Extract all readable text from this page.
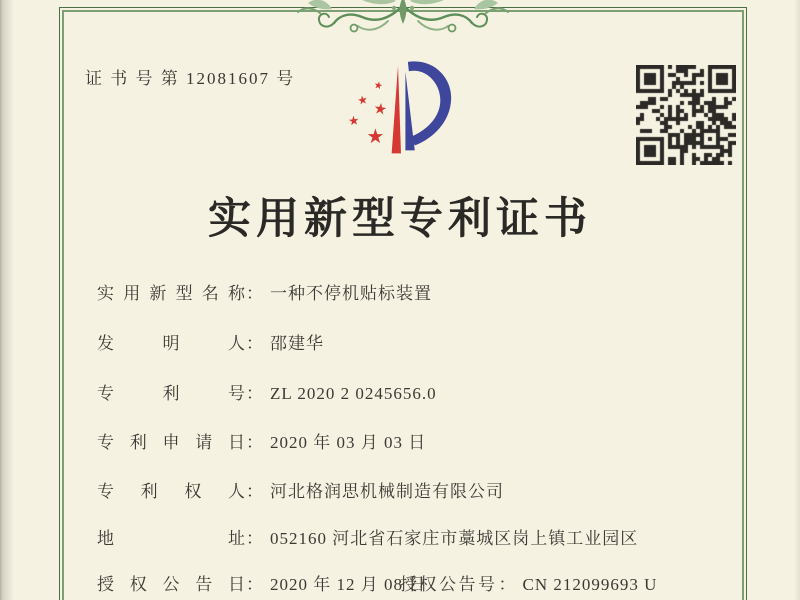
证 书 号 第 12081607 号
实用新型专利证书
实用新型名称： 一种不停机贴标装置
发明人： 邵建华
专利号： ZL 2020 2 0245656.0
专利申请日： 2020 年 03 月 03 日
专利权人： 河北格润思机械制造有限公司
地址： 052160 河北省石家庄市藁城区岗上镇工业园区
授权公告日： 2020 年 12 月 08 日
授权公告号： CN 212099693 U
